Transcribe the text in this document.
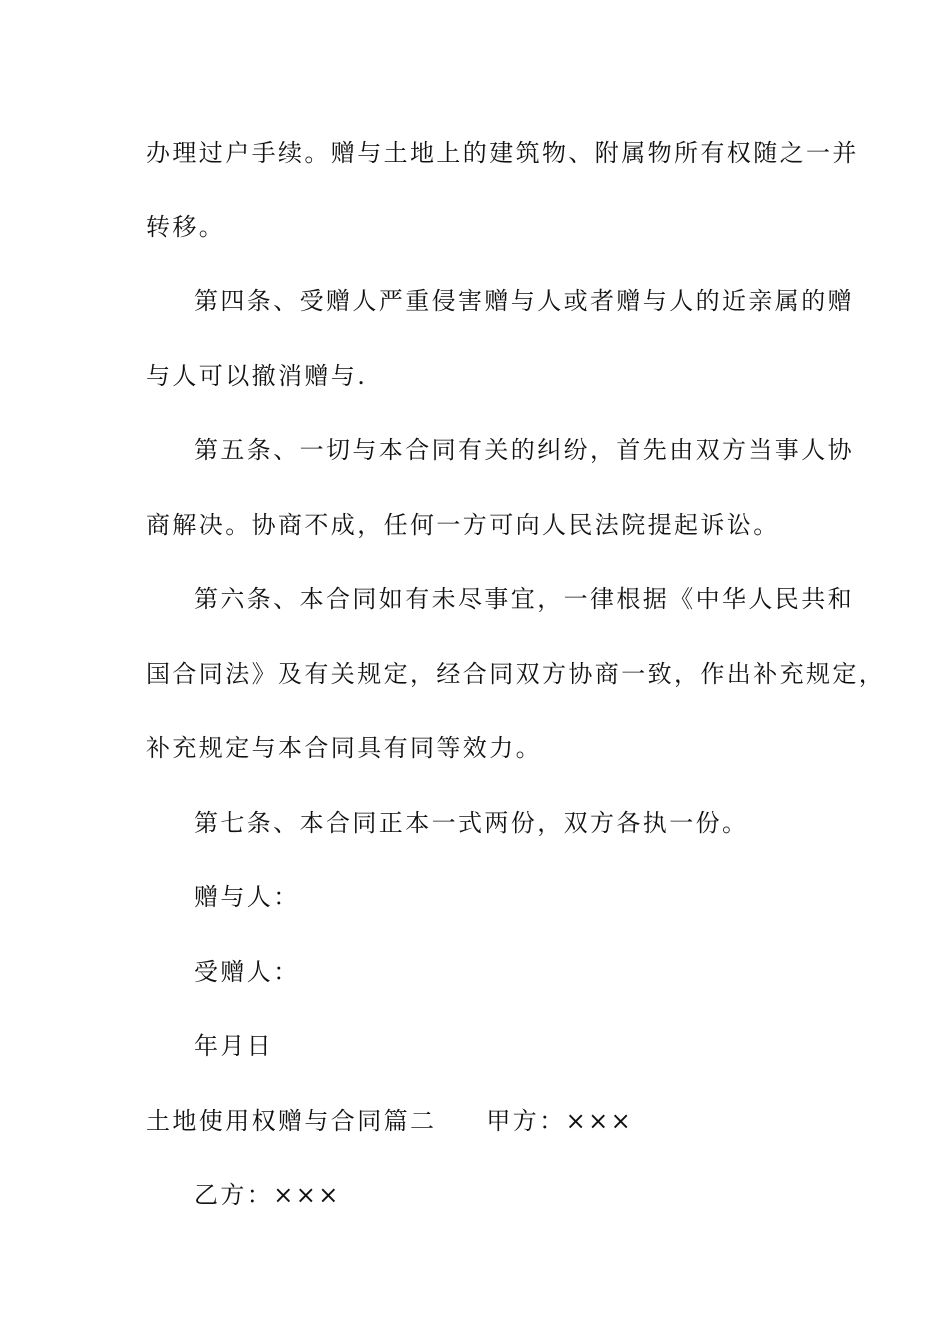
办理过户手续。赠与土地上的建筑物、附属物所有权随之一并
转移。
第四条、受赠人严重侵害赠与人或者赠与人的近亲属的赠
与人可以撤消赠与.
第五条、一切与本合同有关的纠纷，首先由双方当事人协
商解决。协商不成，任何一方可向人民法院提起诉讼。
第六条、本合同如有未尽事宜，一律根据《中华人民共和
国合同法》及有关规定，经合同双方协商一致，作出补充规定，
补充规定与本合同具有同等效力。
第七条、本合同正本一式两份，双方各执一份。
赠与人：
受赠人：
年月日
土地使用权赠与合同篇二 甲方：×××
乙方：×××
